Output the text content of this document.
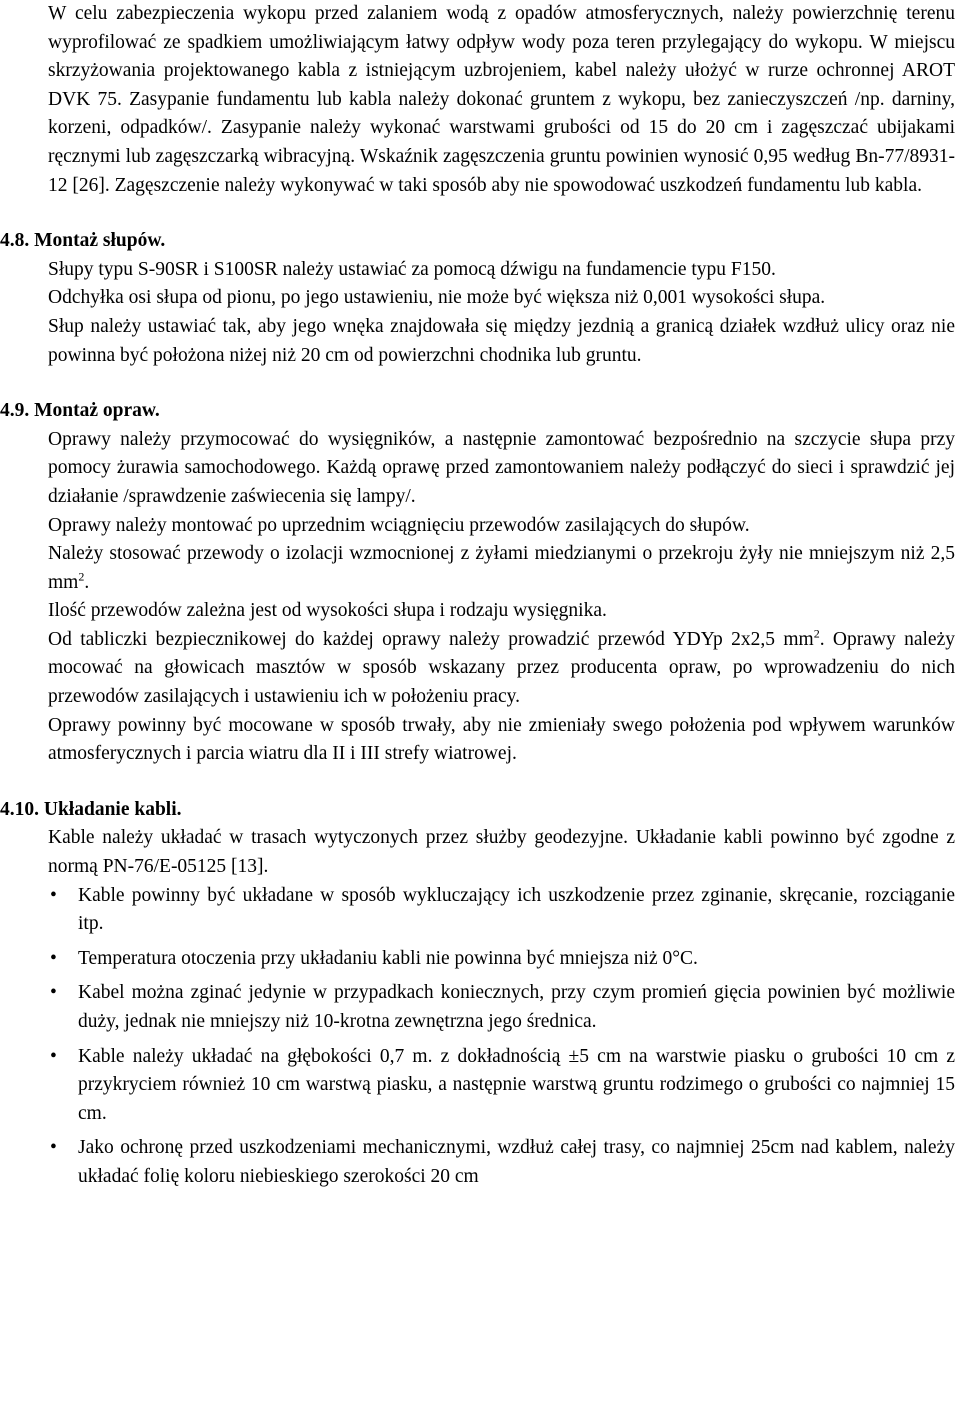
W celu zabezpieczenia wykopu przed zalaniem wodą z opadów atmosferycznych, należy powierzchnię terenu wyprofilować ze spadkiem umożliwiającym łatwy odpływ wody poza teren przylegający do wykopu. W miejscu skrzyżowania projektowanego kabla z istniejącym uzbrojeniem, kabel należy ułożyć w rurze ochronnej AROT DVK 75. Zasypanie fundamentu lub kabla należy dokonać gruntem z wykopu, bez zanieczyszczeń /np. darniny, korzeni, odpadków/. Zasypanie należy wykonać warstwami grubości od 15 do 20 cm i zagęszczać ubijakami ręcznymi lub zagęszczarką wibracyjną. Wskaźnik zagęszczenia gruntu powinien wynosić 0,95 według Bn-77/8931-12 [26]. Zagęszczenie należy wykonywać w taki sposób aby nie spowodować uszkodzeń fundamentu lub kabla.

4.8. Montaż słupów.

Słupy typu S-90SR i S100SR należy ustawiać za pomocą dźwigu na fundamencie typu F150.

Odchyłka osi słupa od pionu, po jego ustawieniu, nie może być większa niż 0,001 wysokości słupa.

Słup należy ustawiać tak, aby jego wnęka znajdowała się między jezdnią a granicą działek wzdłuż ulicy oraz nie powinna być położona niżej niż 20 cm od powierzchni chodnika lub gruntu.

4.9. Montaż opraw.

Oprawy należy przymocować do wysięgników, a następnie zamontować bezpośrednio na szczycie słupa przy pomocy żurawia samochodowego. Każdą oprawę przed zamontowaniem należy podłączyć do sieci i sprawdzić jej działanie /sprawdzenie zaświecenia się lampy/.

Oprawy należy montować po uprzednim wciągnięciu przewodów zasilających do słupów.

Należy stosować przewody o izolacji wzmocnionej z żyłami miedzianymi o przekroju żyły nie mniejszym niż 2,5 $mm^2$.

Ilość przewodów zależna jest od wysokości słupa i rodzaju wysięgnika.

Od tabliczki bezpiecznikowej do każdej oprawy należy prowadzić przewód YDYp 2x2,5 $mm^2$. Oprawy należy mocować na głowicach masztów w sposób wskazany przez producenta opraw, po wprowadzeniu do nich przewodów zasilających i ustawieniu ich w położeniu pracy.

Oprawy powinny być mocowane w sposób trwały, aby nie zmieniały swego położenia pod wpływem warunków atmosferycznych i parcia wiatru dla II i III strefy wiatrowej.

4.10. Układanie kabli.

Kable należy układać w trasach wytyczonych przez służby geodezyjne. Układanie kabli powinno być zgodne z normą PN-76/E-05125 [13].

• Kable powinny być układane w sposób wykluczający ich uszkodzenie przez zginanie, skręcanie, rozciąganie itp.
• Temperatura otoczenia przy układaniu kabli nie powinna być mniejsza niż 0°C.
• Kabel można zginać jedynie w przypadkach koniecznych, przy czym promień gięcia powinien być możliwie duży, jednak nie mniejszy niż 10-krotna zewnętrzna jego średnica.
• Kable należy układać na głębokości 0,7 m. z dokładnością ±5 cm na warstwie piasku o grubości 10 cm z przykryciem również 10 cm warstwą piasku, a następnie warstwą gruntu rodzimego o grubości co najmniej 15 cm.
• Jako ochronę przed uszkodzeniami mechanicznymi, wzdłuż całej trasy, co najmniej 25cm nad kablem, należy układać folię koloru niebieskiego szerokości 20 cm
